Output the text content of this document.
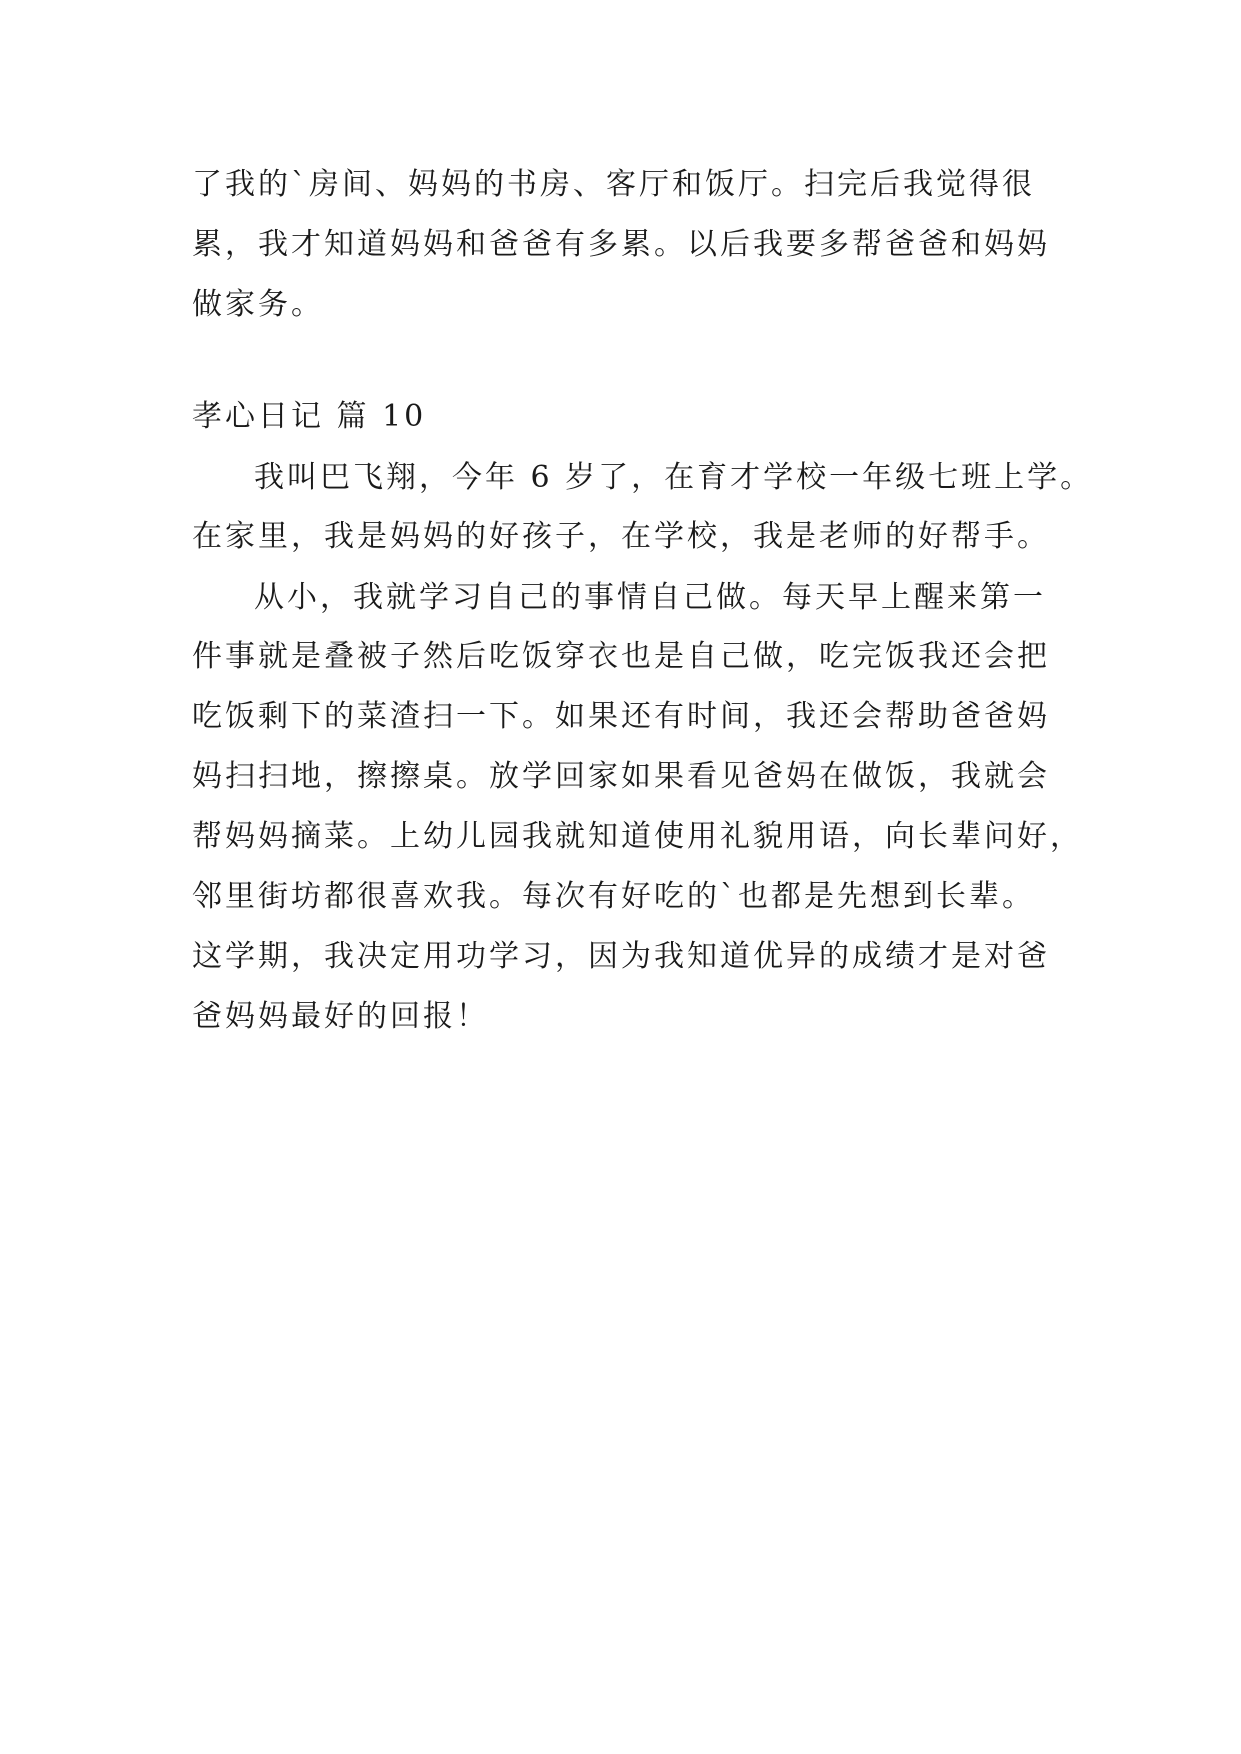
了我的`房间、妈妈的书房、客厅和饭厅。扫完后我觉得很
累，我才知道妈妈和爸爸有多累。以后我要多帮爸爸和妈妈
做家务。
孝心日记 篇 10
我叫巴飞翔，今年 6 岁了，在育才学校一年级七班上学。
在家里，我是妈妈的好孩子，在学校，我是老师的好帮手。
从小，我就学习自己的事情自己做。每天早上醒来第一
件事就是叠被子然后吃饭穿衣也是自己做，吃完饭我还会把
吃饭剩下的菜渣扫一下。如果还有时间，我还会帮助爸爸妈
妈扫扫地，擦擦桌。放学回家如果看见爸妈在做饭，我就会
帮妈妈摘菜。上幼儿园我就知道使用礼貌用语，向长辈问好，
邻里街坊都很喜欢我。每次有好吃的`也都是先想到长辈。
这学期，我决定用功学习，因为我知道优异的成绩才是对爸
爸妈妈最好的回报！
